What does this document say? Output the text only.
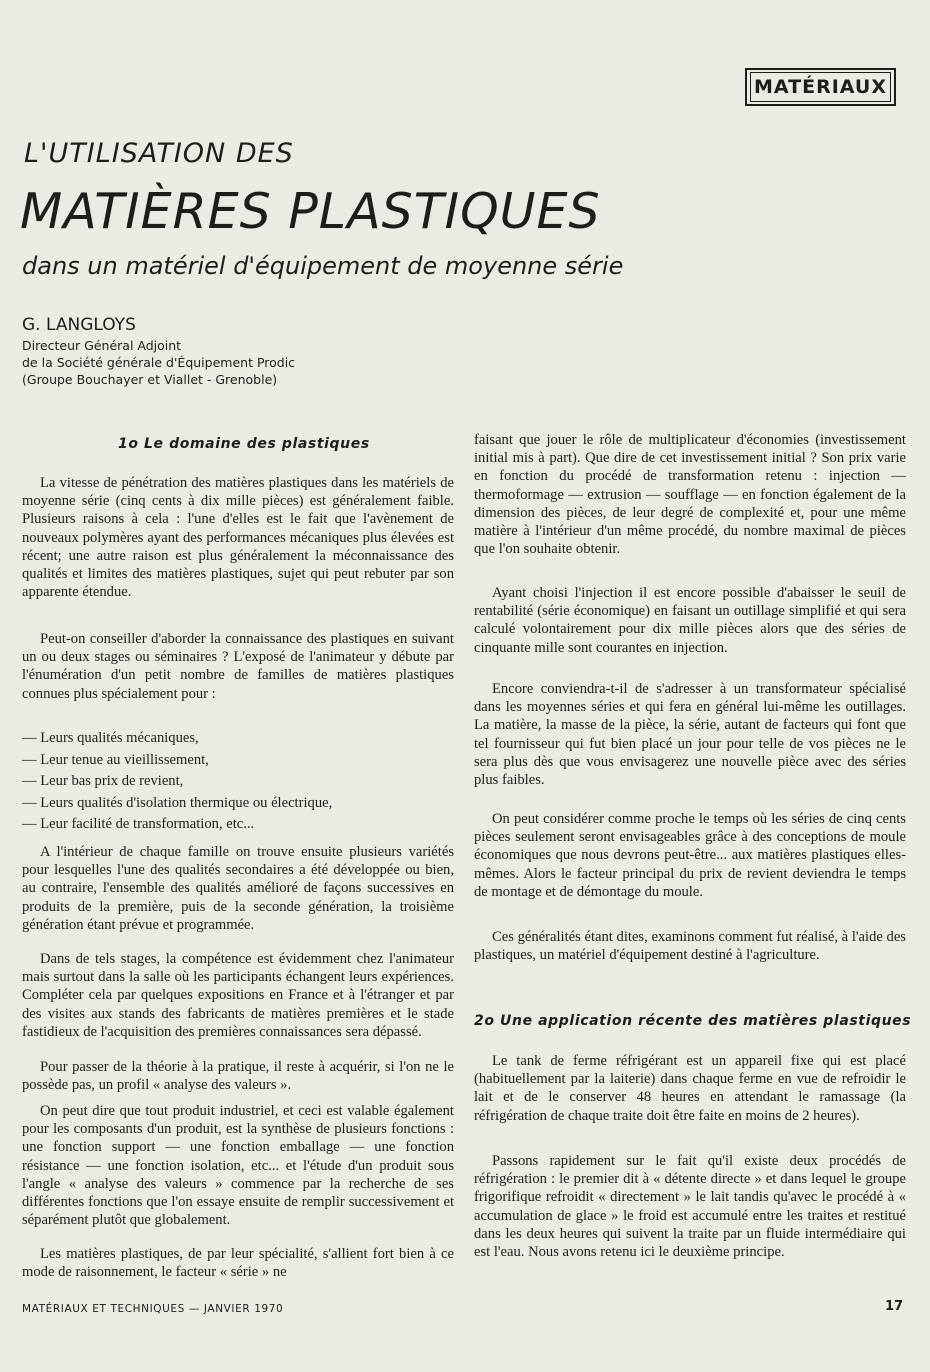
MATÉRIAUX
L'UTILISATION DES
MATIÈRES PLASTIQUES
dans un matériel d'équipement de moyenne série
G. LANGLOYS
Directeur Général Adjoint
de la Société générale d'Équipement Prodic
(Groupe Bouchayer et Viallet - Grenoble)
1o Le domaine des plastiques

La vitesse de pénétration des matières plastiques dans les matériels de moyenne série (cinq cents à dix mille pièces) est généralement faible. Plusieurs raisons à cela : l'une d'elles est le fait que l'avènement de nouveaux polymères ayant des performances mécaniques plus élevées est récent; une autre raison est plus généralement la méconnaissance des qualités et limites des matières plastiques, sujet qui peut rebuter par son apparente étendue.

Peut-on conseiller d'aborder la connaissance des plastiques en suivant un ou deux stages ou séminaires ? L'exposé de l'animateur y débute par l'énumération d'un petit nombre de familles de matières plastiques connues plus spécialement pour :

— Leurs qualités mécaniques,
— Leur tenue au vieillissement,
— Leur bas prix de revient,
— Leurs qualités d'isolation thermique ou électrique,
— Leur facilité de transformation, etc...

A l'intérieur de chaque famille on trouve ensuite plusieurs variétés pour lesquelles l'une des qualités secondaires a été développée ou bien, au contraire, l'ensemble des qualités amélioré de façons successives en produits de la première, puis de la seconde génération, la troisième génération étant prévue et programmée.

Dans de tels stages, la compétence est évidemment chez l'animateur mais surtout dans la salle où les participants échangent leurs expériences. Compléter cela par quelques expositions en France et à l'étranger et par des visites aux stands des fabricants de matières premières et le stade fastidieux de l'acquisition des premières connaissances sera dépassé.

Pour passer de la théorie à la pratique, il reste à acquérir, si l'on ne le possède pas, un profil « analyse des valeurs ».

On peut dire que tout produit industriel, et ceci est valable également pour les composants d'un produit, est la synthèse de plusieurs fonctions : une fonction support — une fonction emballage — une fonction résistance — une fonction isolation, etc... et l'étude d'un produit sous l'angle « analyse des valeurs » commence par la recherche de ses différentes fonctions que l'on essaye ensuite de remplir successivement et séparément plutôt que globalement.

Les matières plastiques, de par leur spécialité, s'allient fort bien à ce mode de raisonnement, le facteur « série » ne

faisant que jouer le rôle de multiplicateur d'économies (investissement initial mis à part). Que dire de cet investissement initial ? Son prix varie en fonction du procédé de transformation retenu : injection — thermoformage — extrusion — soufflage — en fonction également de la dimension des pièces, de leur degré de complexité et, pour une même matière à l'intérieur d'un même procédé, du nombre maximal de pièces que l'on souhaite obtenir.

Ayant choisi l'injection il est encore possible d'abaisser le seuil de rentabilité (série économique) en faisant un outillage simplifié et qui sera calculé volontairement pour dix mille pièces alors que des séries de cinquante mille sont courantes en injection.

Encore conviendra-t-il de s'adresser à un transformateur spécialisé dans les moyennes séries et qui fera en général lui-même les outillages. La matière, la masse de la pièce, la série, autant de facteurs qui font que tel fournisseur qui fut bien placé un jour pour telle de vos pièces ne le sera plus dès que vous envisagerez une nouvelle pièce avec des séries plus faibles.

On peut considérer comme proche le temps où les séries de cinq cents pièces seulement seront envisageables grâce à des conceptions de moule économiques que nous devrons peut-être... aux matières plastiques elles-mêmes. Alors le facteur principal du prix de revient deviendra le temps de montage et de démontage du moule.

Ces généralités étant dites, examinons comment fut réalisé, à l'aide des plastiques, un matériel d'équipement destiné à l'agriculture.

2o Une application récente des matières plastiques

Le tank de ferme réfrigérant est un appareil fixe qui est placé (habituellement par la laiterie) dans chaque ferme en vue de refroidir le lait et de le conserver 48 heures en attendant le ramassage (la réfrigération de chaque traite doit être faite en moins de 2 heures).

Passons rapidement sur le fait qu'il existe deux procédés de réfrigération : le premier dit à « détente directe » et dans lequel le groupe frigorifique refroidit « directement » le lait tandis qu'avec le procédé à « accumulation de glace » le froid est accumulé entre les traites et restitué dans les deux heures qui suivent la traite par un fluide intermédiaire qui est l'eau. Nous avons retenu ici le deuxième principe.

MATÉRIAUX ET TECHNIQUES — JANVIER 1970	17
